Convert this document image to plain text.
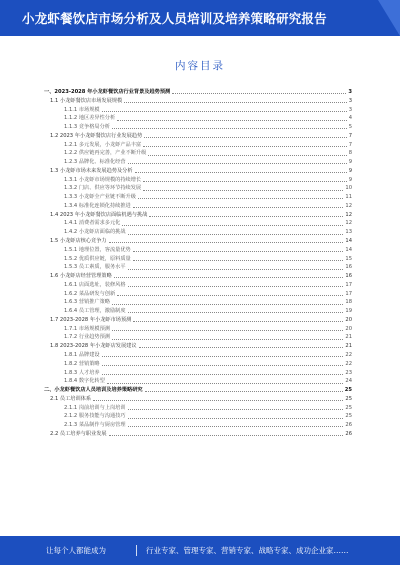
小龙虾餐饮店市场分析及人员培训及培养策略研究报告
内容目录
一、2023-2028 年小龙虾餐饮店行业背景及趋势预测	3
1.1 小龙虾餐饮店市场发展规模	3
1.1.1 市场规模	3
1.1.2 地区差异性分析	4
1.1.3 竞争格局分析	5
1.2 2023 年小龙虾餐饮店行业发展趋势	7
1.2.1 多元发展，小龙虾产品丰富	7
1.2.2 供应链再完善，产业不断升级	8
1.2.3 品牌化、标准化经营	9
1.3 小龙虾市场未来发展趋势及分析	9
1.3.1 小龙虾市场规模的持续增长	9
1.3.2 门店、供应等环节持续发展	10
1.3.3 小龙虾全产业链不断升级	11
1.3.4 标准化连锁化持续推进	12
1.4 2023 年小龙虾餐饮店面临机遇与挑战	12
1.4.1 消费者需求多元化	12
1.4.2 小龙虾店面临的挑战	13
1.5 小龙虾店核心竞争力	14
1.5.1 地理位置，客流量优势	14
1.5.2 优质供应链，原料质量	15
1.5.3 员工素质，服务水平	16
1.6 小龙虾店经营管理策略	16
1.6.1 店面选址，装修风格	17
1.6.2 菜品研发与创新	17
1.6.3 营销推广策略	18
1.6.4 员工管理，激励制度	19
1.7 2023-2028 年小龙虾市场预测	20
1.7.1 市场规模预测	20
1.7.2 行业趋势预测	21
1.8 2023-2028 年小龙虾店发展建议	21
1.8.1 品牌建设	22
1.8.2 营销策略	22
1.8.3 人才培养	23
1.8.4 数字化转型	24
二、小龙虾餐饮店人员培训及培养策略研究	25
2.1 员工培训体系	25
2.1.1 岗前培训与上岗培训	25
2.1.2 服务技能与沟通技巧	25
2.1.3 菜品制作与厨房管理	26
2.2 员工培养与职业发展	26
让每个人都能成为	行业专家、管理专家、营销专家、战略专家、成功企业家……
